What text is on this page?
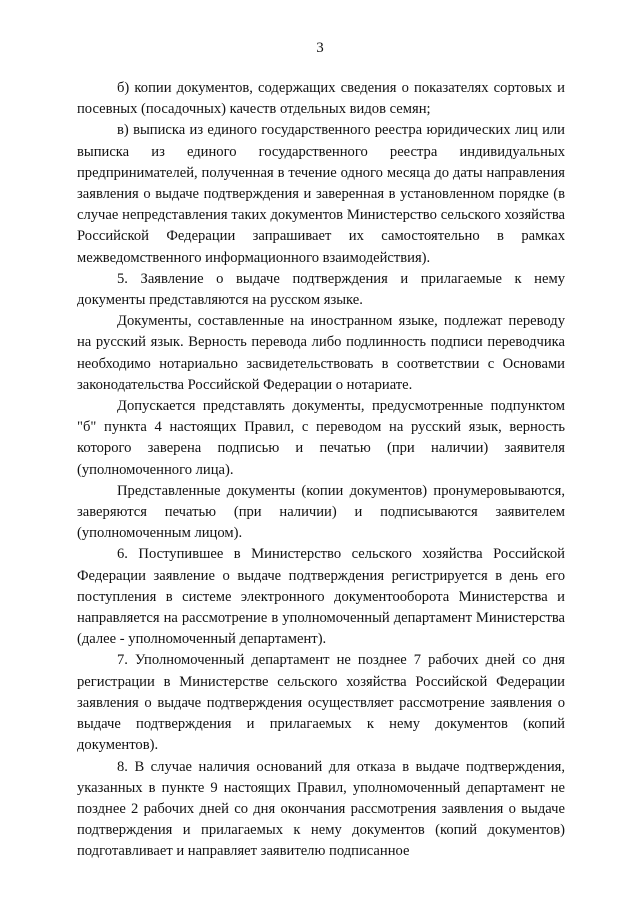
3

б) копии документов, содержащих сведения о показателях сортовых и посевных (посадочных) качеств отдельных видов семян;

в) выписка из единого государственного реестра юридических лиц или выписка из единого государственного реестра индивидуальных предпринимателей, полученная в течение одного месяца до даты направления заявления о выдаче подтверждения и заверенная в установленном порядке (в случае непредставления таких документов Министерство сельского хозяйства Российской Федерации запрашивает их самостоятельно в рамках межведомственного информационного взаимодействия).

5. Заявление о выдаче подтверждения и прилагаемые к нему документы представляются на русском языке.

Документы, составленные на иностранном языке, подлежат переводу на русский язык. Верность перевода либо подлинность подписи переводчика необходимо нотариально засвидетельствовать в соответствии с Основами законодательства Российской Федерации о нотариате.

Допускается представлять документы, предусмотренные подпунктом "б" пункта 4 настоящих Правил, с переводом на русский язык, верность которого заверена подписью и печатью (при наличии) заявителя (уполномоченного лица).

Представленные документы (копии документов) пронумеровываются, заверяются печатью (при наличии) и подписываются заявителем (уполномоченным лицом).

6. Поступившее в Министерство сельского хозяйства Российской Федерации заявление о выдаче подтверждения регистрируется в день его поступления в системе электронного документооборота Министерства и направляется на рассмотрение в уполномоченный департамент Министерства (далее - уполномоченный департамент).

7. Уполномоченный департамент не позднее 7 рабочих дней со дня регистрации в Министерстве сельского хозяйства Российской Федерации заявления о выдаче подтверждения осуществляет рассмотрение заявления о выдаче подтверждения и прилагаемых к нему документов (копий документов).

8. В случае наличия оснований для отказа в выдаче подтверждения, указанных в пункте 9 настоящих Правил, уполномоченный департамент не позднее 2 рабочих дней со дня окончания рассмотрения заявления о выдаче подтверждения и прилагаемых к нему документов (копий документов) подготавливает и направляет заявителю подписанное
